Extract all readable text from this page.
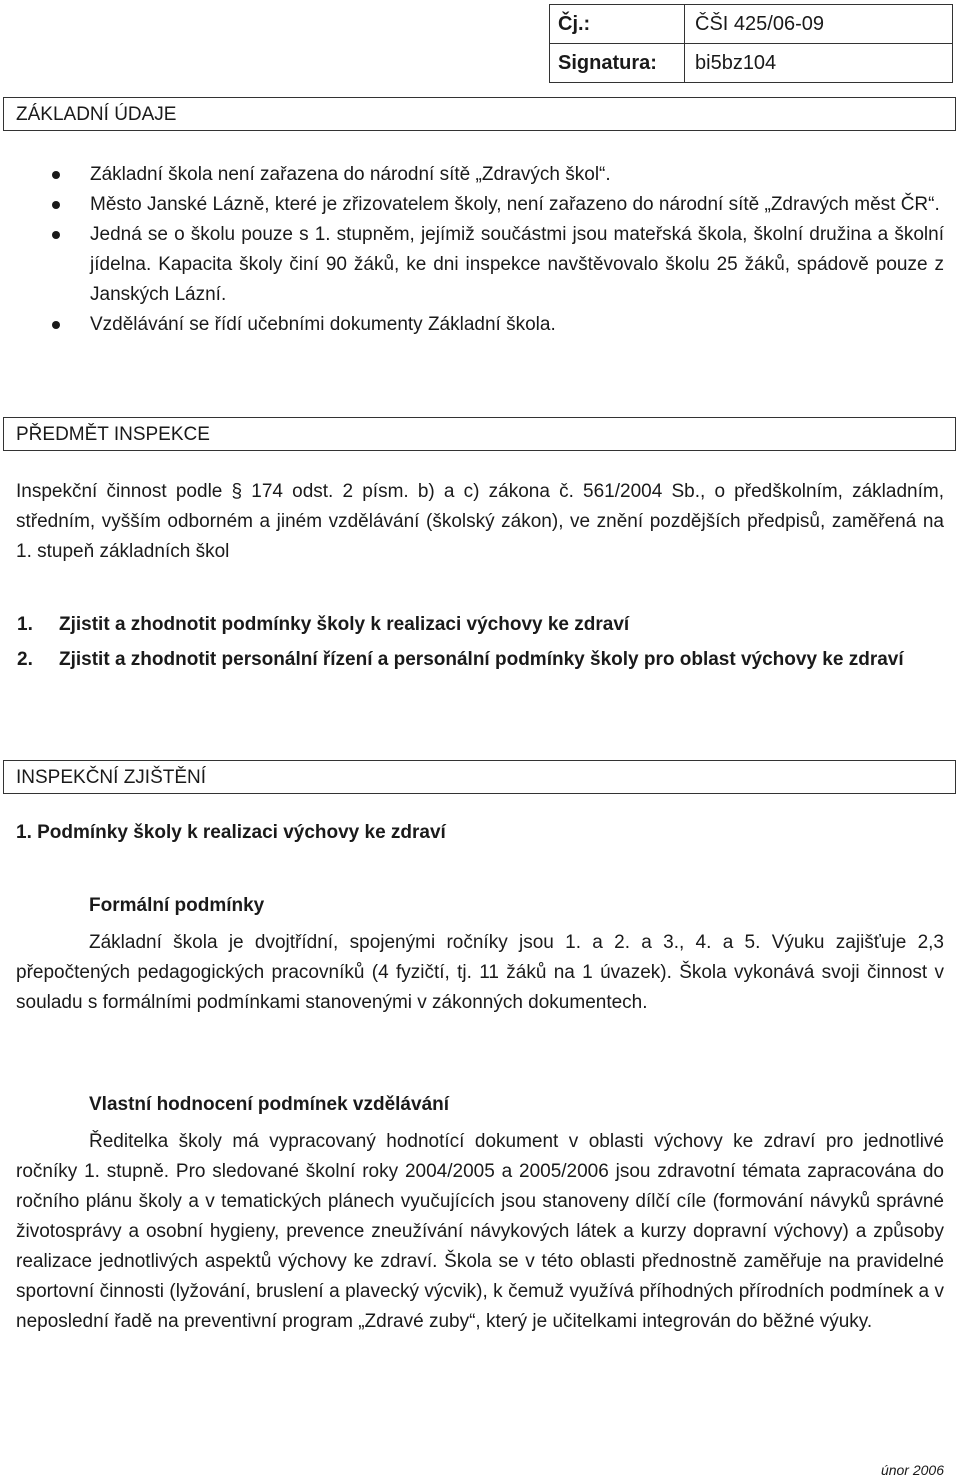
Čj.:	ČŠI 425/06-09
Signatura:	bi5bz104
ZÁKLADNÍ ÚDAJE
Základní škola není zařazena do národní sítě „Zdravých škol“.
Město Janské Lázně, které je zřizovatelem školy, není zařazeno do národní sítě „Zdravých měst ČR“.
Jedná se o školu pouze s 1. stupněm, jejímiž součástmi jsou mateřská škola, školní družina a školní jídelna. Kapacita školy činí 90 žáků, ke dni inspekce navštěvovalo školu 25 žáků, spádově pouze z Janských Lázní.
Vzdělávání se řídí učebními dokumenty Základní škola.
PŘEDMĚT INSPEKCE
Inspekční činnost podle § 174 odst. 2 písm. b) a c) zákona č. 561/2004 Sb., o předškolním, základním, středním, vyšším odborném a jiném vzdělávání (školský zákon), ve znění pozdějších předpisů, zaměřená na 1. stupeň základních škol
1. Zjistit a zhodnotit podmínky školy k realizaci výchovy ke zdraví
2. Zjistit a zhodnotit personální řízení a personální podmínky školy pro oblast výchovy ke zdraví
INSPEKČNÍ ZJIŠTĚNÍ
1. Podmínky školy k realizaci výchovy ke zdraví
Formální podmínky
Základní škola je dvojtřídní, spojenými ročníky jsou 1. a 2. a 3., 4. a 5. Výuku zajišťuje 2,3 přepočtených pedagogických pracovníků (4 fyzičtí, tj. 11 žáků na 1 úvazek). Škola vykonává svoji činnost v souladu s formálními podmínkami stanovenými v zákonných dokumentech.
Vlastní hodnocení podmínek vzdělávání
Ředitelka školy má vypracovaný hodnotící dokument v oblasti výchovy ke zdraví pro jednotlivé ročníky 1. stupně. Pro sledované školní roky 2004/2005 a 2005/2006 jsou zdravotní témata zapracována do ročního plánu školy a v tematických plánech vyučujících jsou stanoveny dílčí cíle (formování návyků správné životosprávy a osobní hygieny, prevence zneužívání návykových látek a kurzy dopravní výchovy) a způsoby realizace jednotlivých aspektů výchovy ke zdraví. Škola se v této oblasti přednostně zaměřuje na pravidelné sportovní činnosti (lyžování, bruslení a plavecký výcvik), k čemuž využívá příhodných přírodních podmínek a v neposlední řadě na preventivní program „Zdravé zuby“, který je učitelkami integrován do běžné výuky.
únor 2006
